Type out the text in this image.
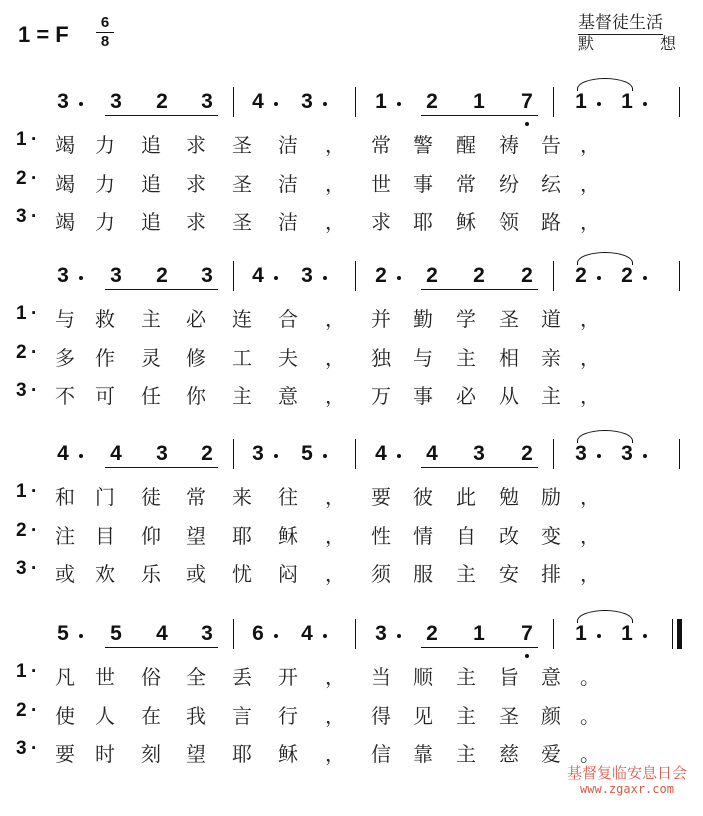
1 = F	6
8
基督徒生活
默	想
3 3 2 3 4 3	1 2 1 7 1 1
1 · 竭 力 追 求 圣 洁 ， 常 警 醒 祷 告 ，
2 · 竭 力 追 求 圣 洁 ， 世 事 常 纷 纭 ，
3 · 竭 力 追 求 圣 洁 ， 求 耶 稣 领 路 ，
3 3 2 3 4 3	2 2 2 2 2 2
1 · 与 救 主 必 连 合 ， 并 勤 学 圣 道 ，
2 · 多 作 灵 修 工 夫 ， 独 与 主 相 亲 ，
3 · 不 可 任 你 主 意 ， 万 事 必 从 主 ，
4 4 3 2 3 5	4 4 3 2 3 3
1 · 和 门 徒 常 来 往 ， 要 彼 此 勉 励 ，
2 · 注 目 仰 望 耶 稣 ， 性 情 自 改 变 ，
3 · 或 欢 乐 或 忧 闷 ， 须 服 主 安 排 ，
5 5 4 3 6 4	3 2 1 7 1 1
1 · 凡 世 俗 全 丢 开 ， 当 顺 主 旨 意 。
2 · 使 人 在 我 言 行 ， 得 见 主 圣 颜 。
3 · 要 时 刻 望 耶 稣 ， 信 靠 主 慈 爱 。
基督复临安息日会
www.zgaxr.com
